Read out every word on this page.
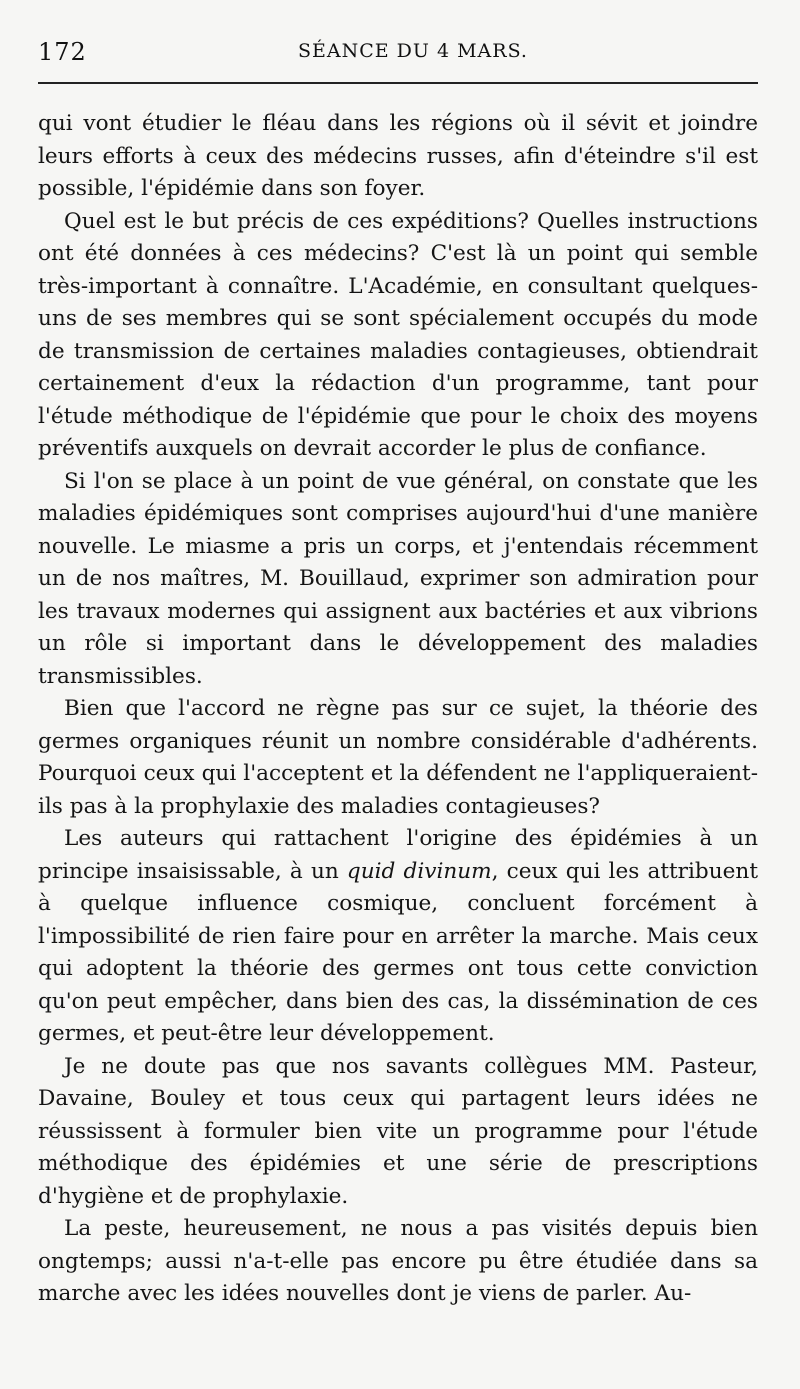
172	SÉANCE DU 4 MARS.

qui vont étudier le fléau dans les régions où il sévit et joindre leurs efforts à ceux des médecins russes, afin d'éteindre s'il est possible, l'épidémie dans son foyer.

Quel est le but précis de ces expéditions? Quelles instructions ont été données à ces médecins? C'est là un point qui semble très-important à connaître. L'Académie, en consultant quelques-uns de ses membres qui se sont spécialement occupés du mode de transmission de certaines maladies contagieuses, obtiendrait certainement d'eux la rédaction d'un programme, tant pour l'étude méthodique de l'épidémie que pour le choix des moyens préventifs auxquels on devrait accorder le plus de confiance.

Si l'on se place à un point de vue général, on constate que les maladies épidémiques sont comprises aujourd'hui d'une manière nouvelle. Le miasme a pris un corps, et j'entendais récemment un de nos maîtres, M. Bouillaud, exprimer son admiration pour les travaux modernes qui assignent aux bactéries et aux vibrions un rôle si important dans le développement des maladies transmissibles.

Bien que l'accord ne règne pas sur ce sujet, la théorie des germes organiques réunit un nombre considérable d'adhérents. Pourquoi ceux qui l'acceptent et la défendent ne l'appliqueraient-ils pas à la prophylaxie des maladies contagieuses?

Les auteurs qui rattachent l'origine des épidémies à un principe insaisissable, à un quid divinum, ceux qui les attribuent à quelque influence cosmique, concluent forcément à l'impossibilité de rien faire pour en arrêter la marche. Mais ceux qui adoptent la théorie des germes ont tous cette conviction qu'on peut empêcher, dans bien des cas, la dissémination de ces germes, et peut-être leur développement.

Je ne doute pas que nos savants collègues MM. Pasteur, Davaine, Bouley et tous ceux qui partagent leurs idées ne réussissent à formuler bien vite un programme pour l'étude méthodique des épidémies et une série de prescriptions d'hygiène et de prophylaxie.

La peste, heureusement, ne nous a pas visités depuis bien ongtemps; aussi n'a-t-elle pas encore pu être étudiée dans sa marche avec les idées nouvelles dont je viens de parler. Au-
